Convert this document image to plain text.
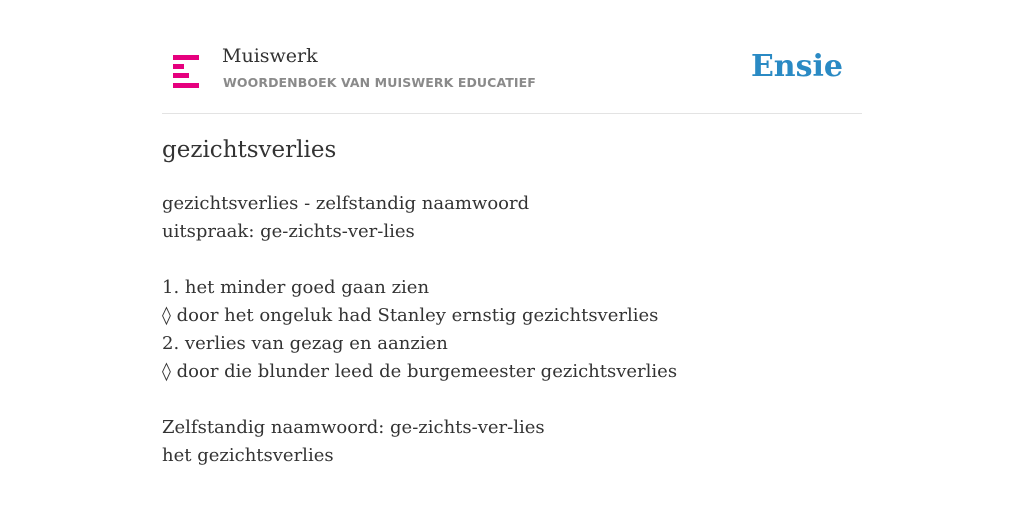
Muiswerk
WOORDENBOEK VAN MUISWERK EDUCATIEF	Ensie
gezichtsverlies
gezichtsverlies - zelfstandig naamwoord
uitspraak: ge-zichts-ver-lies
1. het minder goed gaan zien
◊ door het ongeluk had Stanley ernstig gezichtsverlies
2. verlies van gezag en aanzien
◊ door die blunder leed de burgemeester gezichtsverlies
Zelfstandig naamwoord: ge-zichts-ver-lies
het gezichtsverlies
